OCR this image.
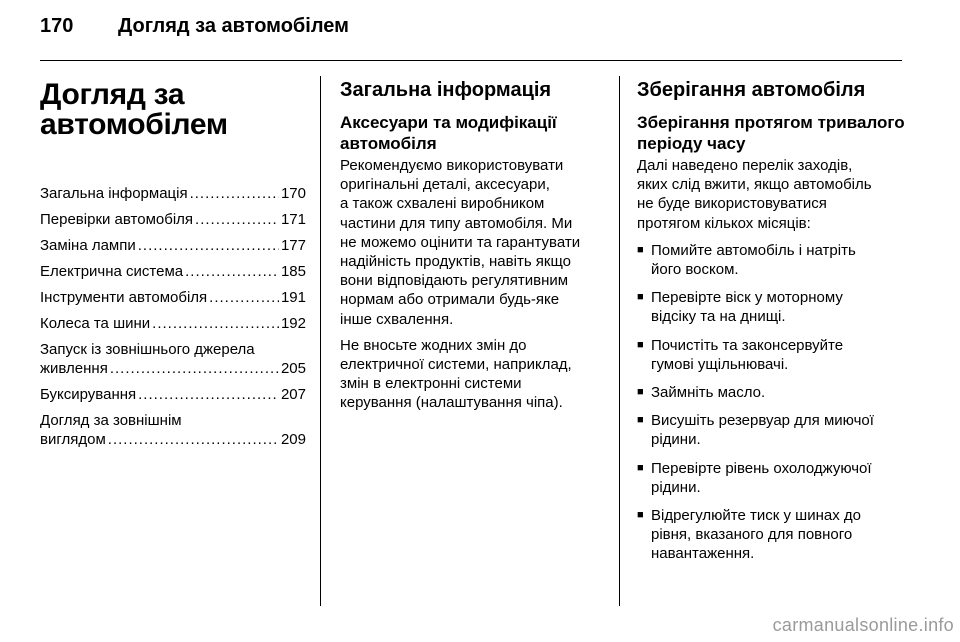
170	Догляд за автомобілем
Догляд за
автомобілем
Загальна інформація .....	170
Перевірки автомобіля .....	171
Заміна лампи .....	177
Електрична система .....	185
Інструменти автомобіля .....	191
Колеса та шини .....	192
Запуск із зовнішнього джерела
живлення .....	205
Буксирування .....	207
Догляд за зовнішнім
виглядом .....	209
Загальна інформація
Аксесуари та модифікації
автомобіля

Рекомендуємо використовувати
оригінальні деталі, аксесуари,
а також схвалені виробником
частини для типу автомобіля. Ми
не можемо оцінити та гарантувати
надійність продуктів, навіть якщо
вони відповідають регулятивним
нормам або отримали будь-яке
інше схвалення.

Не вносьте жодних змін до
електричної системи, наприклад,
змін в електронні системи
керування (налаштування чіпа).

Зберігання автомобіля
Зберігання протягом тривалого
періоду часу

Далі наведено перелік заходів,
яких слід вжити, якщо автомобіль
не буде використовуватися
протягом кількох місяців:

■ Помийте автомобіль і натріть
його воском.
■ Перевірте віск у моторному
відсіку та на днищі.
■ Почистіть та законсервуйте
гумові ущільнювачі.
■ Займніть масло.
■ Висушіть резервуар для миючої
рідини.
■ Перевірте рівень охолоджуючої
рідини.
■ Відрегулюйте тиск у шинах до
рівня, вказаного для повного
навантаження.
carmanualsonline.info
